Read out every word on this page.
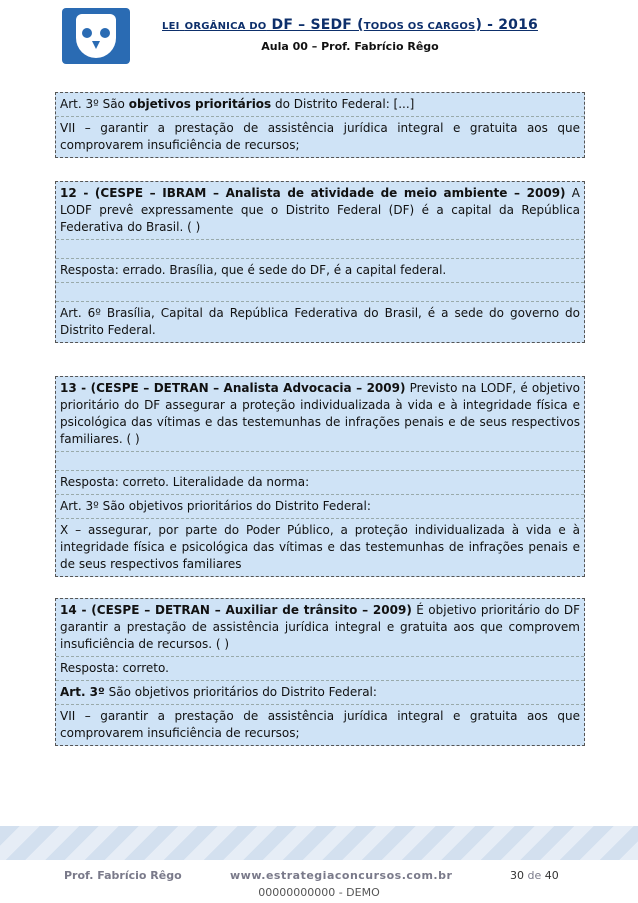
LEI ORGÂNICA DO DF – SEDF (TODOS OS CARGOS) - 2016
Aula 00 – Prof. Fabrício Rêgo
Art. 3º São objetivos prioritários do Distrito Federal: [...]
VII – garantir a prestação de assistência jurídica integral e gratuita aos que comprovarem insuficiência de recursos;
12 - (CESPE – IBRAM – Analista de atividade de meio ambiente – 2009) A LODF prevê expressamente que o Distrito Federal (DF) é a capital da República Federativa do Brasil. ( )
Resposta: errado. Brasília, que é sede do DF, é a capital federal.
Art. 6º Brasília, Capital da República Federativa do Brasil, é a sede do governo do Distrito Federal.
13 - (CESPE – DETRAN – Analista Advocacia – 2009) Previsto na LODF, é objetivo prioritário do DF assegurar a proteção individualizada à vida e à integridade física e psicológica das vítimas e das testemunhas de infrações penais e de seus respectivos familiares. ( )
Resposta: correto. Literalidade da norma:
Art. 3º São objetivos prioritários do Distrito Federal:
X – assegurar, por parte do Poder Público, a proteção individualizada à vida e à integridade física e psicológica das vítimas e das testemunhas de infrações penais e de seus respectivos familiares
14 - (CESPE – DETRAN – Auxiliar de trânsito – 2009) É objetivo prioritário do DF garantir a prestação de assistência jurídica integral e gratuita aos que comprovem insuficiência de recursos. ( )
Resposta: correto.
Art. 3º São objetivos prioritários do Distrito Federal:
VII – garantir a prestação de assistência jurídica integral e gratuita aos que comprovarem insuficiência de recursos;
Prof. Fabrício Rêgo	www.estrategiaconcursos.com.br	30 de 40
00000000000 - DEMO
